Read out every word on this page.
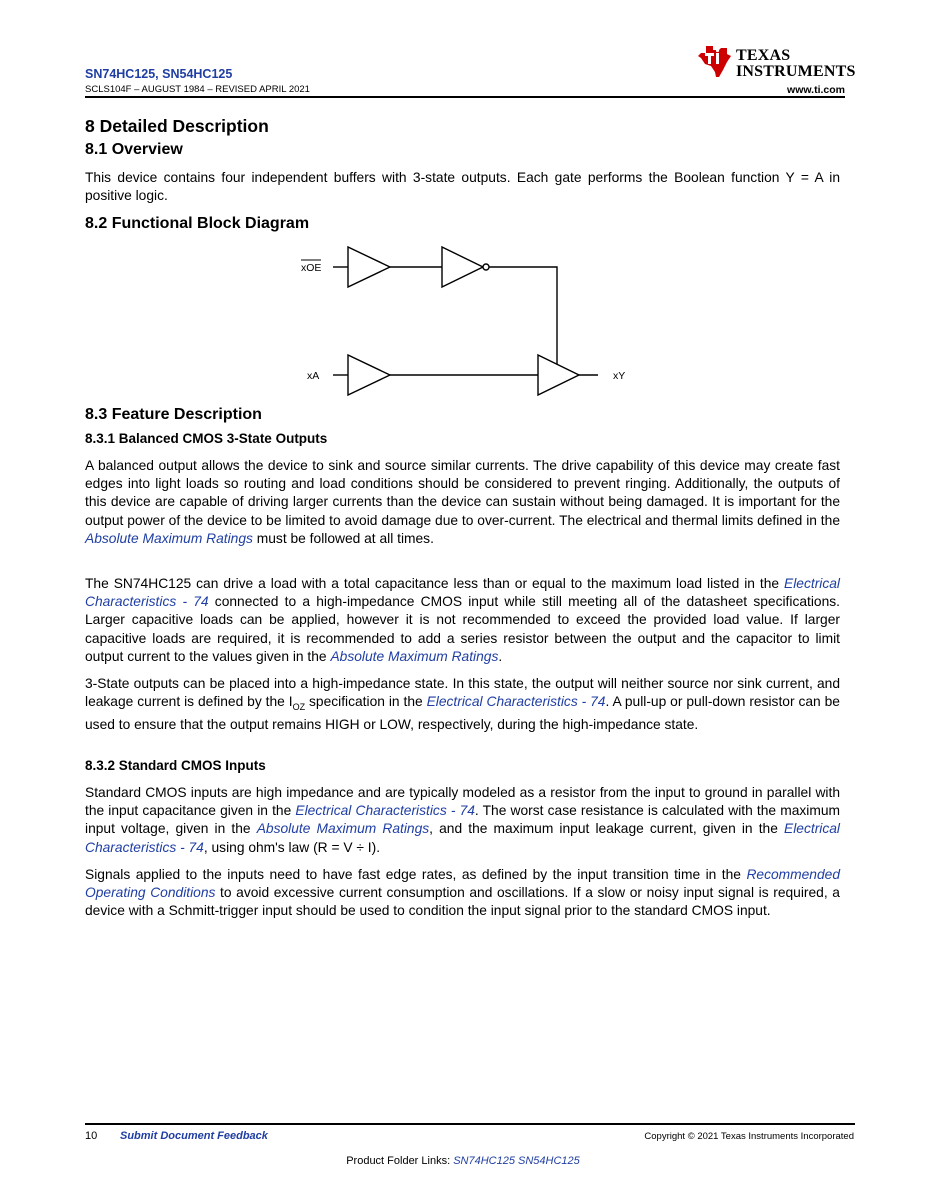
SN74HC125, SN54HC125
SCLS104F – AUGUST 1984 – REVISED APRIL 2021
TEXAS
INSTRUMENTS
www.ti.com
8 Detailed Description
8.1 Overview

This device contains four independent buffers with 3-state outputs. Each gate performs the Boolean function Y = A in positive logic.

8.2 Functional Block Diagram
xOE
xA	xY
8.3 Feature Description
8.3.1 Balanced CMOS 3-State Outputs

A balanced output allows the device to sink and source similar currents. The drive capability of this device may create fast edges into light loads so routing and load conditions should be considered to prevent ringing. Additionally, the outputs of this device are capable of driving larger currents than the device can sustain without being damaged. It is important for the output power of the device to be limited to avoid damage due to over-current. The electrical and thermal limits defined in the Absolute Maximum Ratings must be followed at all times.

The SN74HC125 can drive a load with a total capacitance less than or equal to the maximum load listed in the Electrical Characteristics - 74 connected to a high-impedance CMOS input while still meeting all of the datasheet specifications. Larger capacitive loads can be applied, however it is not recommended to exceed the provided load value. If larger capacitive loads are required, it is recommended to add a series resistor between the output and the capacitor to limit output current to the values given in the Absolute Maximum Ratings.

3-State outputs can be placed into a high-impedance state. In this state, the output will neither source nor sink current, and leakage current is defined by the $I_{OZ}$ specification in the Electrical Characteristics - 74. A pull-up or pull-down resistor can be used to ensure that the output remains HIGH or LOW, respectively, during the high-impedance state.

8.3.2 Standard CMOS Inputs

Standard CMOS inputs are high impedance and are typically modeled as a resistor from the input to ground in parallel with the input capacitance given in the Electrical Characteristics - 74. The worst case resistance is calculated with the maximum input voltage, given in the Absolute Maximum Ratings, and the maximum input leakage current, given in the Electrical Characteristics - 74, using ohm's law (R = V ÷ I).

Signals applied to the inputs need to have fast edge rates, as defined by the input transition time in the Recommended Operating Conditions to avoid excessive current consumption and oscillations. If a slow or noisy input signal is required, a device with a Schmitt-trigger input should be used to condition the input signal prior to the standard CMOS input.

10 Submit Document Feedback	Copyright © 2021 Texas Instruments Incorporated
Product Folder Links: SN74HC125 SN54HC125
